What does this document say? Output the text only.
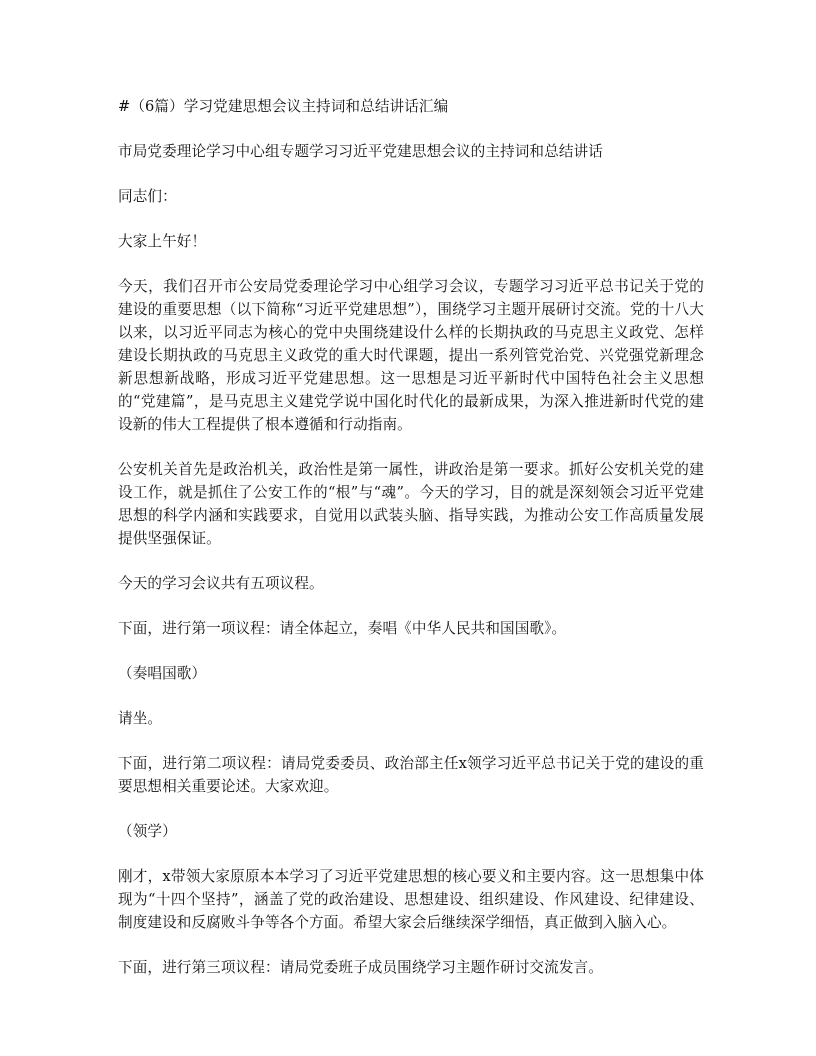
#（6篇）学习党建思想会议主持词和总结讲话汇编

市局党委理论学习中心组专题学习习近平党建思想会议的主持词和总结讲话

同志们：

大家上午好！

今天，我们召开市公安局党委理论学习中心组学习会议，专题学习习近平总书记关于党的建设的重要思想（以下简称“习近平党建思想”），围绕学习主题开展研讨交流。党的十八大以来，以习近平同志为核心的党中央围绕建设什么样的长期执政的马克思主义政党、怎样建设长期执政的马克思主义政党的重大时代课题，提出一系列管党治党、兴党强党新理念新思想新战略，形成习近平党建思想。这一思想是习近平新时代中国特色社会主义思想的“党建篇”，是马克思主义建党学说中国化时代化的最新成果，为深入推进新时代党的建设新的伟大工程提供了根本遵循和行动指南。

公安机关首先是政治机关，政治性是第一属性，讲政治是第一要求。抓好公安机关党的建设工作，就是抓住了公安工作的“根”与“魂”。今天的学习，目的就是深刻领会习近平党建思想的科学内涵和实践要求，自觉用以武装头脑、指导实践，为推动公安工作高质量发展提供坚强保证。

今天的学习会议共有五项议程。

下面，进行第一项议程：请全体起立，奏唱《中华人民共和国国歌》。

（奏唱国歌）

请坐。

下面，进行第二项议程：请局党委委员、政治部主任x领学习近平总书记关于党的建设的重要思想相关重要论述。大家欢迎。

（领学）

刚才，x带领大家原原本本学习了习近平党建思想的核心要义和主要内容。这一思想集中体现为“十四个坚持”，涵盖了党的政治建设、思想建设、组织建设、作风建设、纪律建设、制度建设和反腐败斗争等各个方面。希望大家会后继续深学细悟，真正做到入脑入心。

下面，进行第三项议程：请局党委班子成员围绕学习主题作研讨交流发言。
